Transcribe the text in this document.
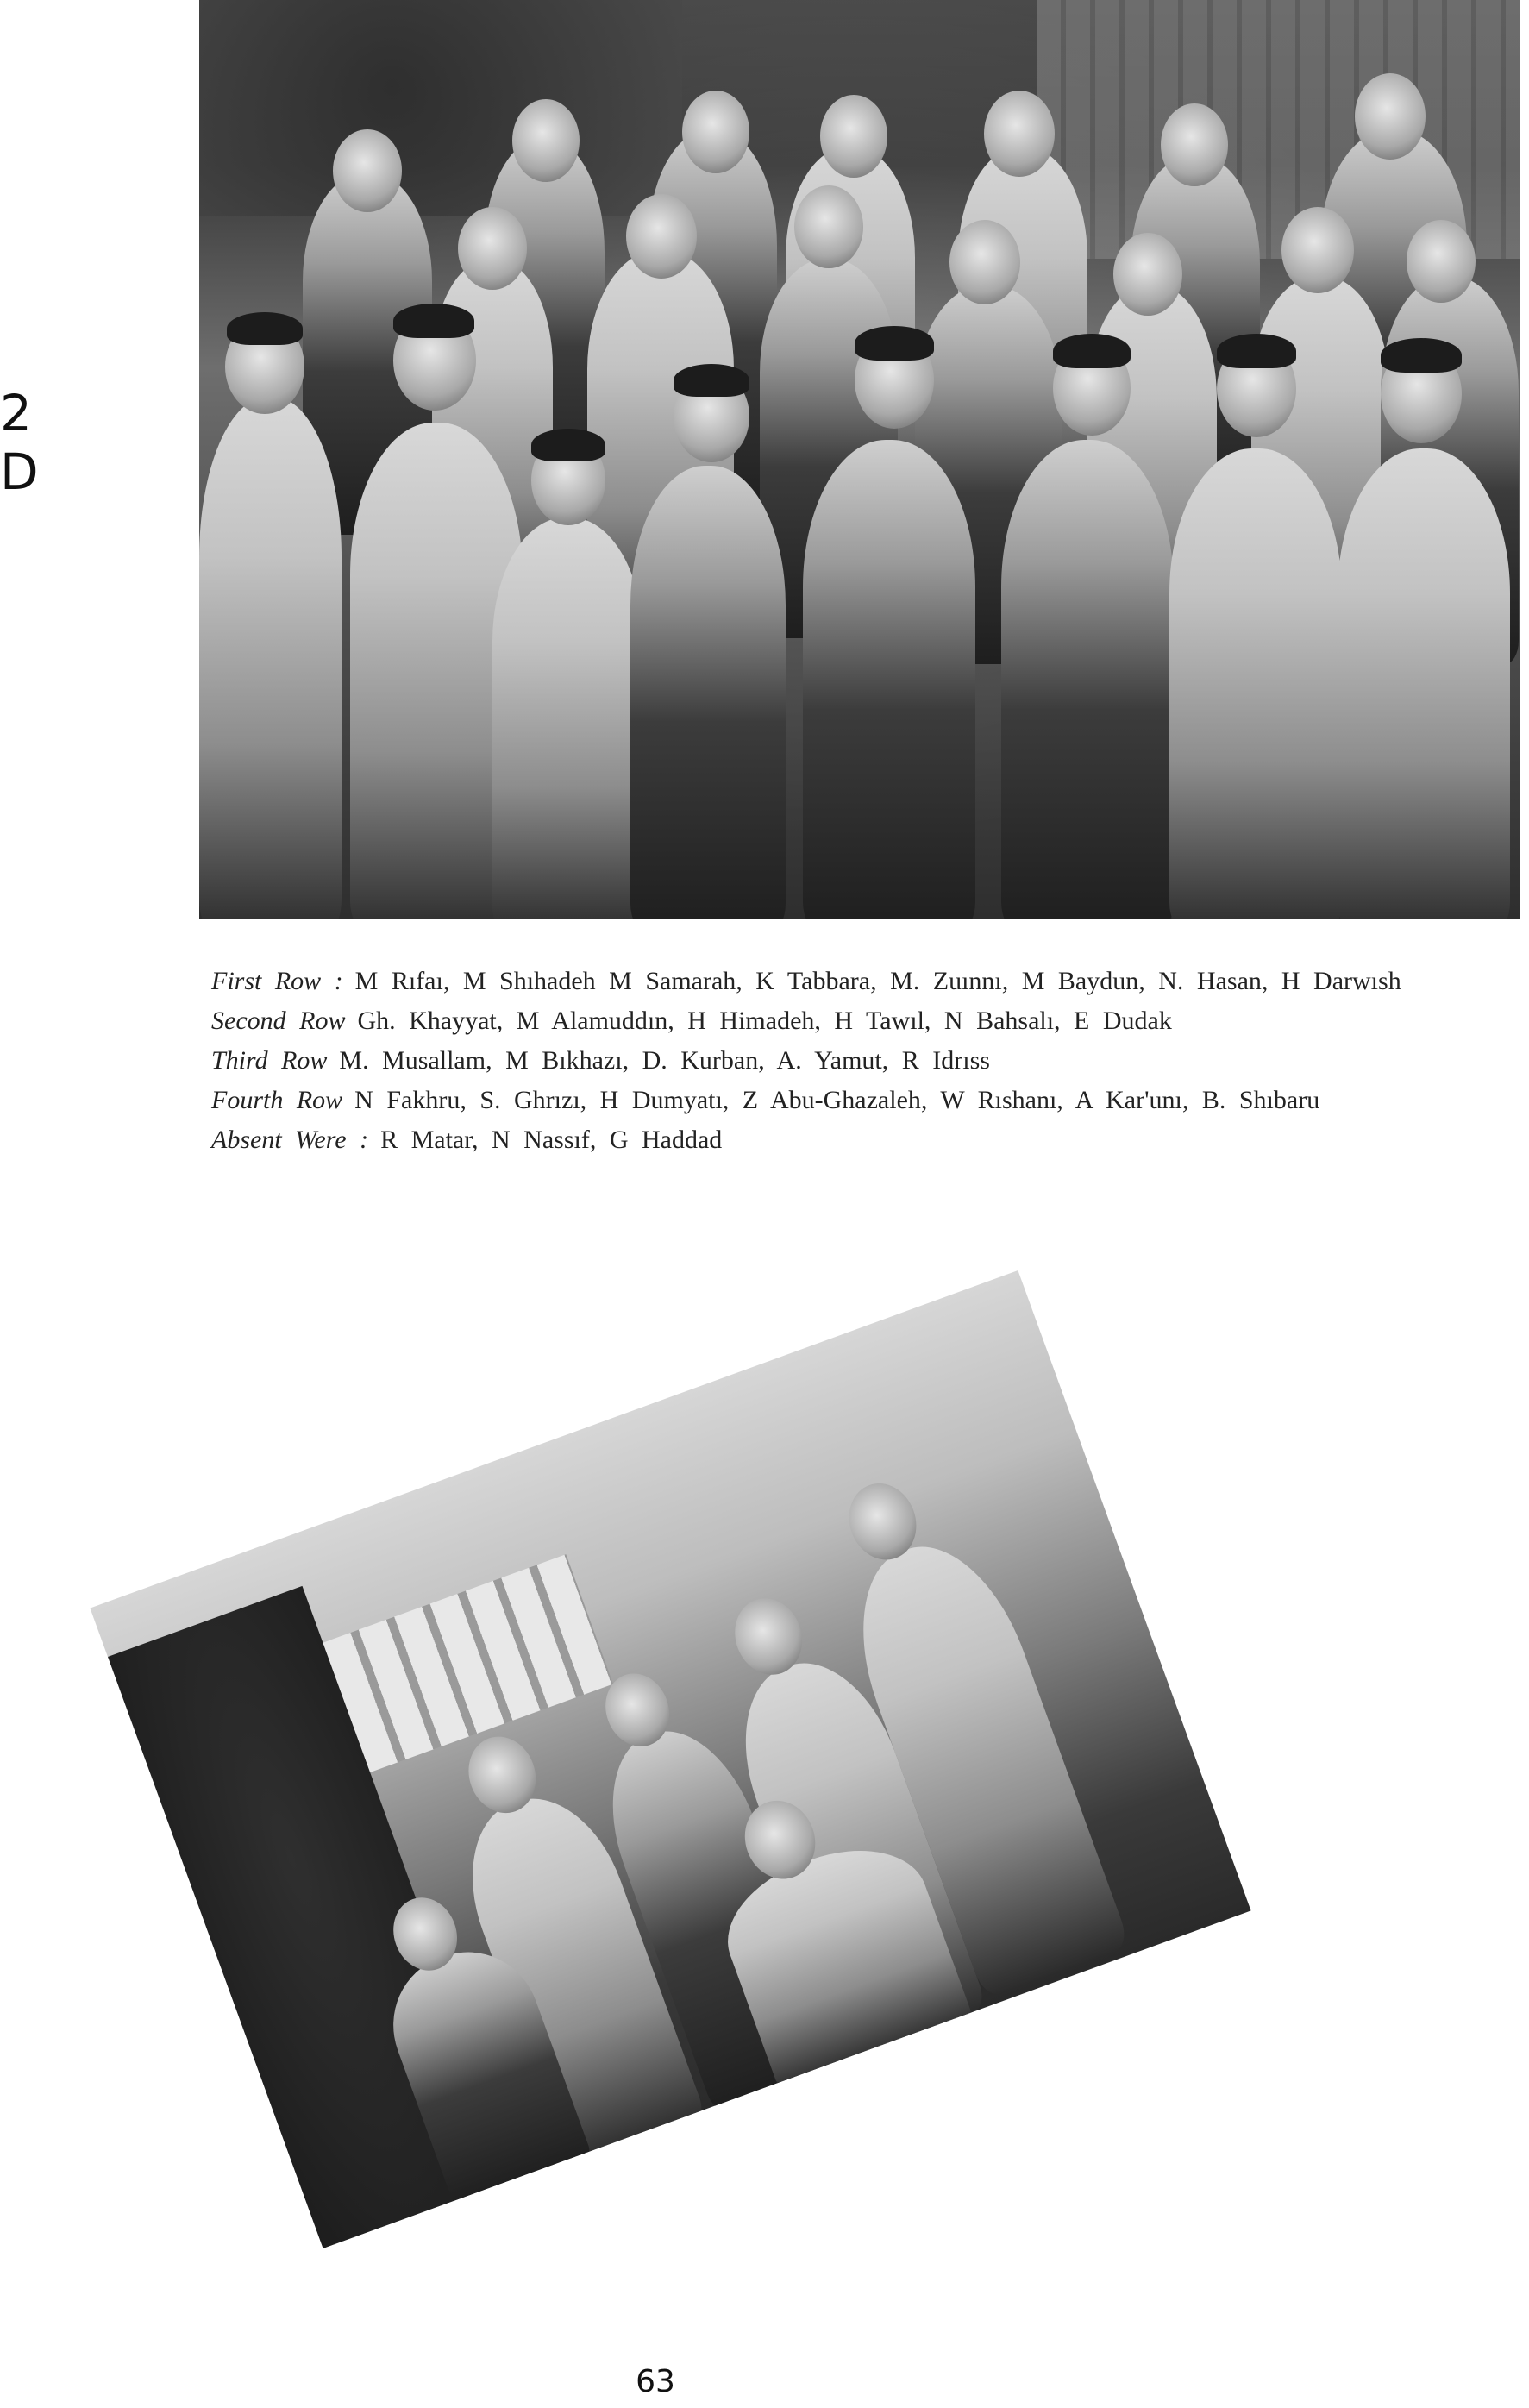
2 D
First Row : M Rıfaı, M Shıhadeh M Samarah, K Tabbara, M. Zuınnı, M Baydun, N. Hasan, H Darwısh
Second Row Gh. Khayyat, M Alamuddın, H Himadeh, H Tawıl, N Bahsalı, E Dudak
Third Row M. Musallam, M Bıkhazı, D. Kurban, A. Yamut, R Idrıss
Fourth Row N Fakhru, S. Ghrızı, H Dumyatı, Z Abu-Ghazaleh, W Rıshanı, A Kar'unı, B. Shıbaru
Absent Were : R Matar, N Nassıf, G Haddad
63
